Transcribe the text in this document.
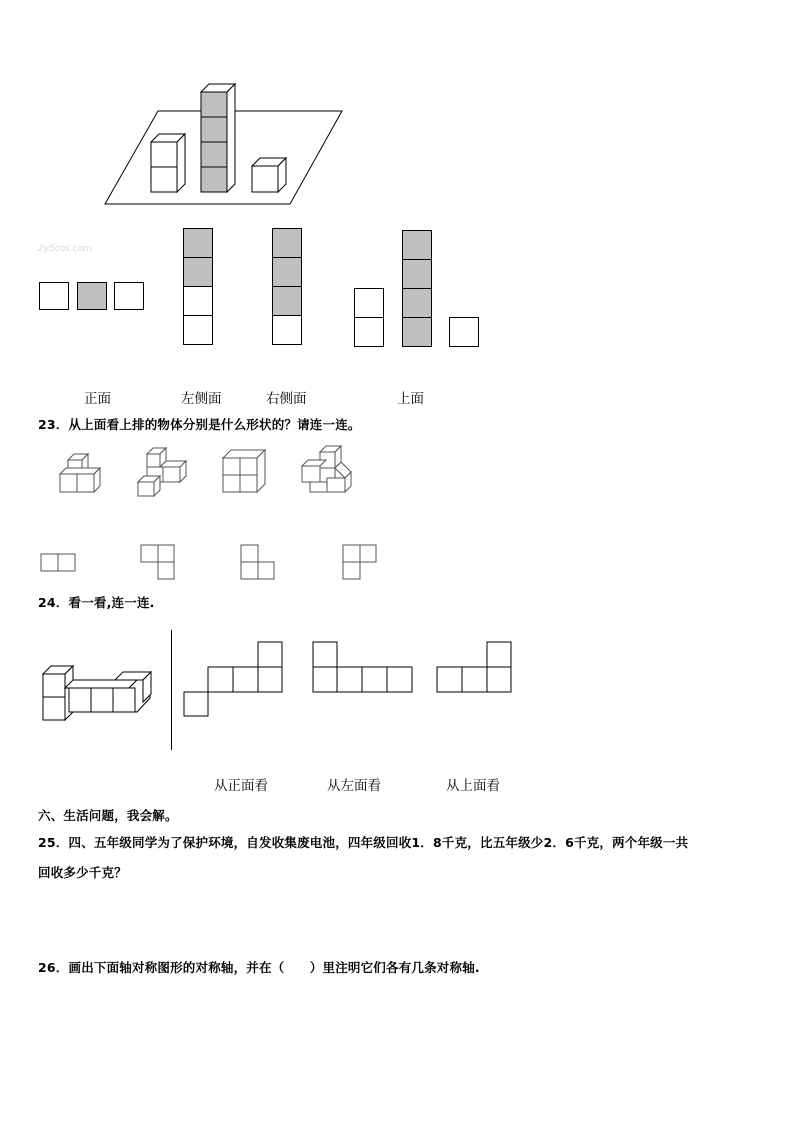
2y5cos.com
正面	左侧面	右侧面	上面
23．从上面看上排的物体分别是什么形状的？请连一连。
24．看一看,连一连.
从正面看	从左面看	从上面看
六、生活问题，我会解。
25．四、五年级同学为了保护环境，自发收集废电池，四年级回收1．8千克，比五年级少2．6千克，两个年级一共
回收多少千克？
26．画出下面轴对称图形的对称轴，并在（　　）里注明它们各有几条对称轴.
